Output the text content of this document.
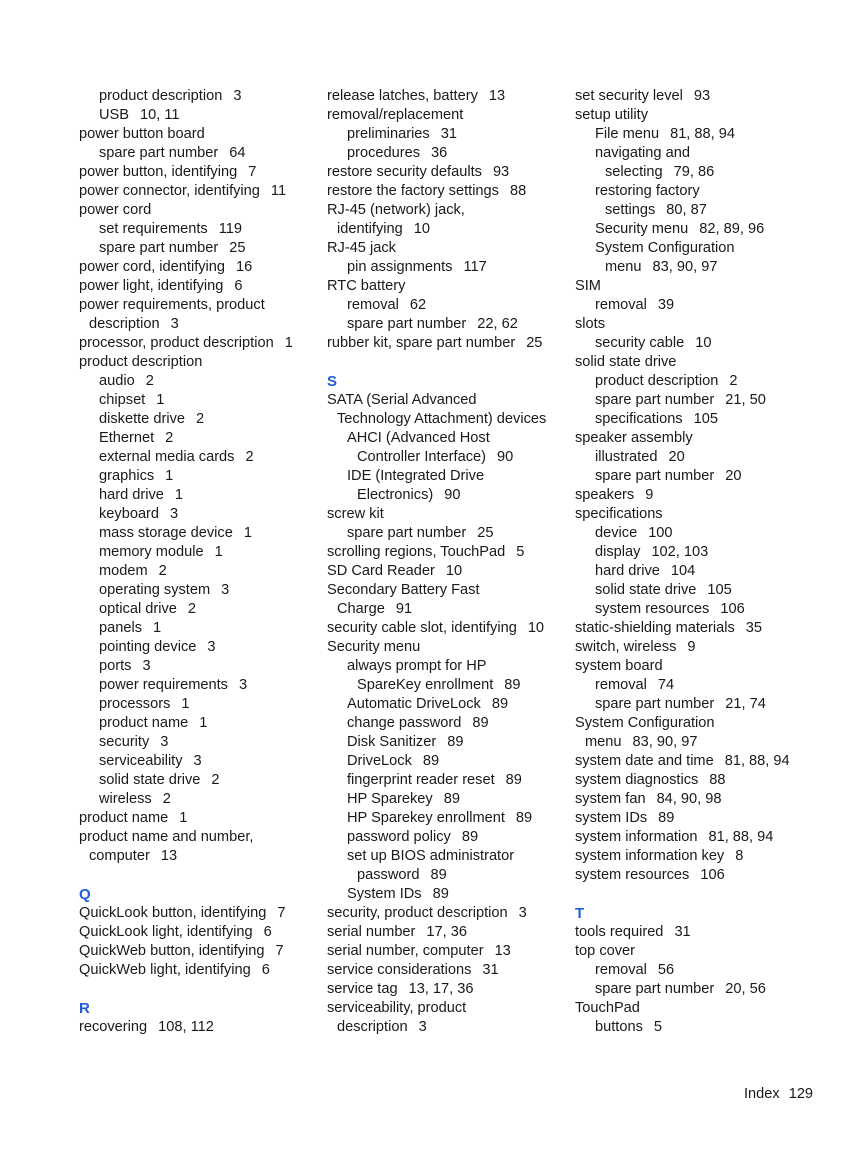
product description 3
USB 10, 11
power button board
spare part number 64
power button, identifying 7
power connector, identifying 11
power cord
set requirements 119
spare part number 25
power cord, identifying 16
power light, identifying 6
power requirements, product
description 3
processor, product description 1
product description
audio 2
chipset 1
diskette drive 2
Ethernet 2
external media cards 2
graphics 1
hard drive 1
keyboard 3
mass storage device 1
memory module 1
modem 2
operating system 3
optical drive 2
panels 1
pointing device 3
ports 3
power requirements 3
processors 1
product name 1
security 3
serviceability 3
solid state drive 2
wireless 2
product name 1
product name and number,
computer 13
Q
QuickLook button, identifying 7
QuickLook light, identifying 6
QuickWeb button, identifying 7
QuickWeb light, identifying 6
R
recovering 108, 112
release latches, battery 13
removal/replacement
preliminaries 31
procedures 36
restore security defaults 93
restore the factory settings 88
RJ-45 (network) jack,
identifying 10
RJ-45 jack
pin assignments 117
RTC battery
removal 62
spare part number 22, 62
rubber kit, spare part number 25
S
SATA (Serial Advanced
Technology Attachment) devices
AHCI (Advanced Host
Controller Interface) 90
IDE (Integrated Drive
Electronics) 90
screw kit
spare part number 25
scrolling regions, TouchPad 5
SD Card Reader 10
Secondary Battery Fast
Charge 91
security cable slot, identifying 10
Security menu
always prompt for HP
SpareKey enrollment 89
Automatic DriveLock 89
change password 89
Disk Sanitizer 89
DriveLock 89
fingerprint reader reset 89
HP Sparekey 89
HP Sparekey enrollment 89
password policy 89
set up BIOS administrator
password 89
System IDs 89
security, product description 3
serial number 17, 36
serial number, computer 13
service considerations 31
service tag 13, 17, 36
serviceability, product
description 3
set security level 93
setup utility
File menu 81, 88, 94
navigating and
selecting 79, 86
restoring factory
settings 80, 87
Security menu 82, 89, 96
System Configuration
menu 83, 90, 97
SIM
removal 39
slots
security cable 10
solid state drive
product description 2
spare part number 21, 50
specifications 105
speaker assembly
illustrated 20
spare part number 20
speakers 9
specifications
device 100
display 102, 103
hard drive 104
solid state drive 105
system resources 106
static-shielding materials 35
switch, wireless 9
system board
removal 74
spare part number 21, 74
System Configuration
menu 83, 90, 97
system date and time 81, 88, 94
system diagnostics 88
system fan 84, 90, 98
system IDs 89
system information 81, 88, 94
system information key 8
system resources 106
T
tools required 31
top cover
removal 56
spare part number 20, 56
TouchPad
buttons 5
Index 129
